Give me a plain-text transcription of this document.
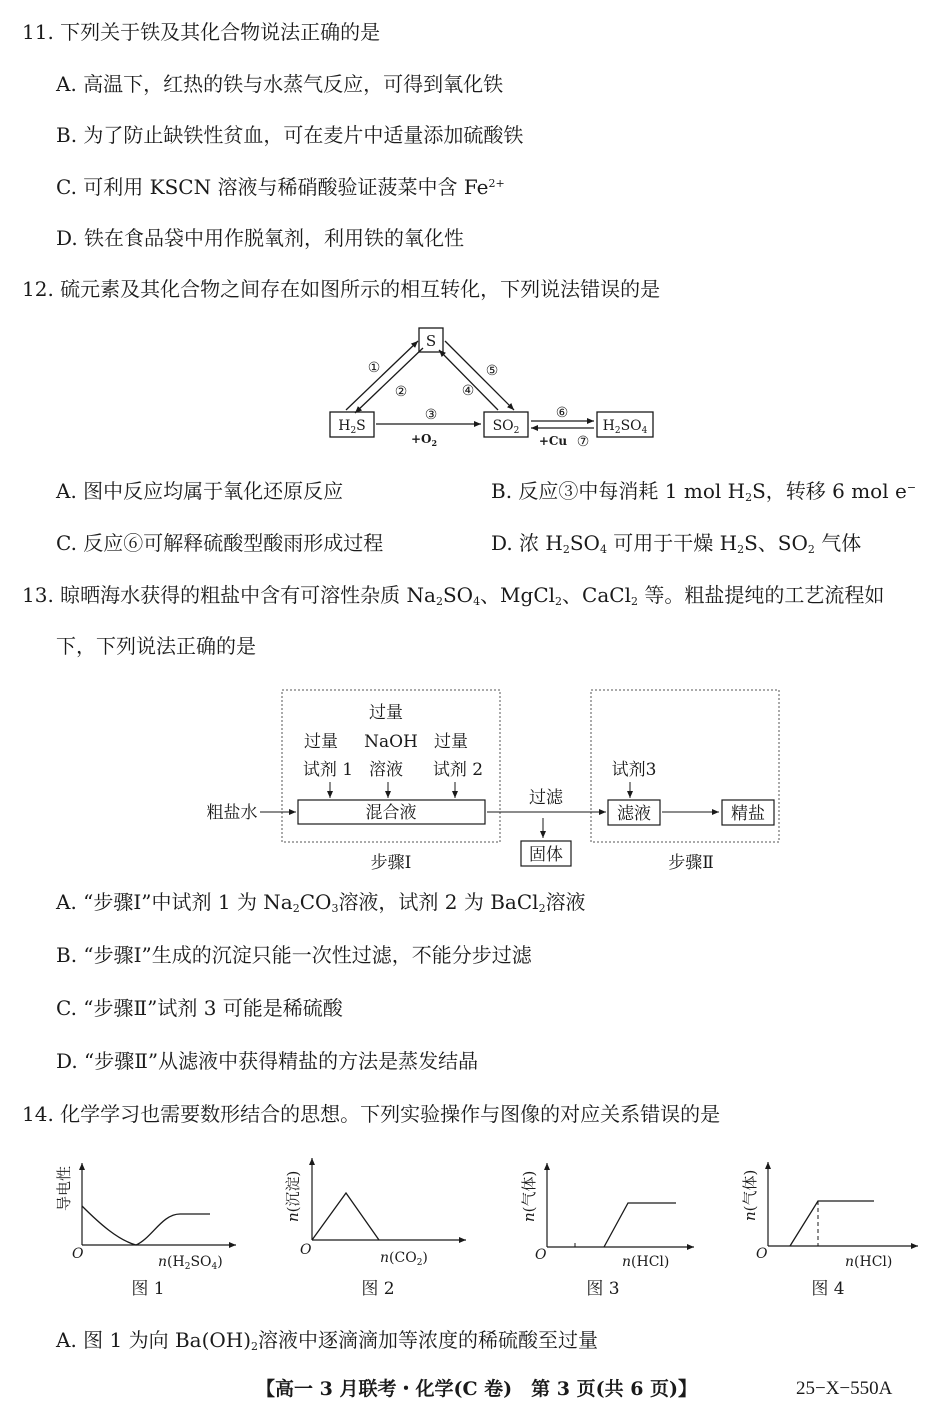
11. 下列关于铁及其化合物说法正确的是
A. 高温下，红热的铁与水蒸气反应，可得到氧化铁
B. 为了防止缺铁性贫血，可在麦片中适量添加硫酸铁
C. 可利用 KSCN 溶液与稀硝酸验证菠菜中含 $Fe^{2+}$
D. 铁在食品袋中用作脱氧剂，利用铁的氧化性
12. 硫元素及其化合物之间存在如图所示的相互转化，下列说法错误的是
S
$H_2S$	$SO_2$	$H_2SO_4$
①
②
③
④
⑤
⑥
⑦
$+O_2$	+Cu
粗盐水	混合液
过量
试剂 1
过量
NaOH
溶液
过量
试剂 2
过滤
固体
试剂3
滤液	精盐
步骤Ⅰ	步骤Ⅱ
导电性
O	$n(H_2SO_4)$
图 1
n(沉淀)
O	$n(CO_2)$
图 2
n(气体)
O	n(HCl)
图 3
n(气体)
O	n(HCl)
图 4
A. 图中反应均属于氧化还原反应	B. 反应③中每消耗 1 mol $H_2S$，转移 6 mol e−
C. 反应⑥可解释硫酸型酸雨形成过程	D. 浓 $H_2SO_4$ 可用于干燥 $H_2S$、$SO_2$ 气体
13. 晾晒海水获得的粗盐中含有可溶性杂质 $Na_2SO_4$、MgCl$_2$、CaCl$_2$ 等。粗盐提纯的工艺流程如
下，下列说法正确的是
A. “步骤Ⅰ”中试剂 1 为 $Na_2CO_3$溶液，试剂 2 为 BaCl$_2$溶液
B. “步骤Ⅰ”生成的沉淀只能一次性过滤，不能分步过滤
C. “步骤Ⅱ”试剂 3 可能是稀硫酸
D. “步骤Ⅱ”从滤液中获得精盐的方法是蒸发结晶
14. 化学学习也需要数形结合的思想。下列实验操作与图像的对应关系错误的是
A. 图 1 为向 $Ba(OH)_2$溶液中逐滴滴加等浓度的稀硫酸至过量
【高一 3 月联考・化学(C 卷)　第 3 页(共 6 页)】	25−X−550A
